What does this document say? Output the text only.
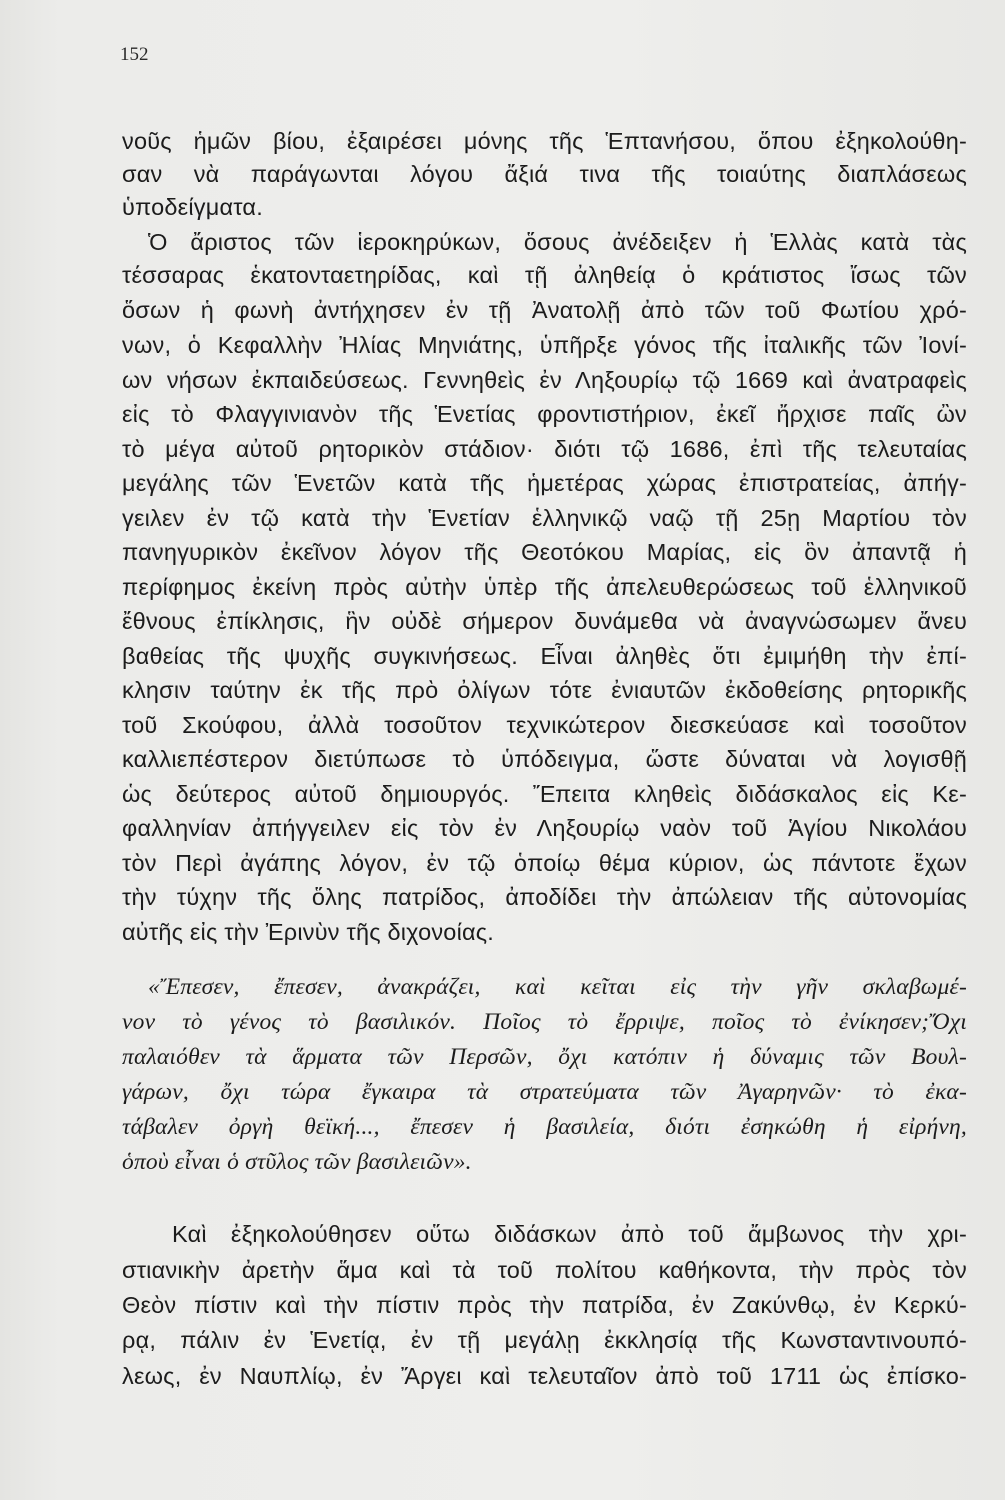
152
νοῦς ἡμῶν βίου, ἐξαιρέσει μόνης τῆς Ἑπτανήσου, ὅπου ἐξηκολούθη-
σαν νὰ παράγωνται λόγου ἄξιά τινα τῆς τοιαύτης διαπλάσεως
ὑποδείγματα.
Ὁ ἄριστος τῶν ἱεροκηρύκων, ὅσους ἀνέδειξεν ἡ Ἑλλὰς κατὰ τὰς
τέσσαρας ἑκατονταετηρίδας, καὶ τῇ ἀληθείᾳ ὁ κράτιστος ἴσως τῶν
ὅσων ἡ φωνὴ ἀντήχησεν ἐν τῇ Ἀνατολῇ ἀπὸ τῶν τοῦ Φωτίου χρό-
νων, ὁ Κεφαλλὴν Ἠλίας Μηνιάτης, ὑπῆρξε γόνος τῆς ἰταλικῆς τῶν Ἰονί-
ων νήσων ἐκπαιδεύσεως. Γεννηθεὶς ἐν Ληξουρίῳ τῷ 1669 καὶ ἀνατραφεὶς
εἰς τὸ Φλαγγινιανὸν τῆς Ἑνετίας φροντιστήριον, ἐκεῖ ἤρχισε παῖς ὢν
τὸ μέγα αὐτοῦ ρητορικὸν στάδιον· διότι τῷ 1686, ἐπὶ τῆς τελευταίας
μεγάλης τῶν Ἑνετῶν κατὰ τῆς ἡμετέρας χώρας ἐπιστρατείας, ἀπήγ-
γειλεν ἐν τῷ κατὰ τὴν Ἑνετίαν ἑλληνικῷ ναῷ τῇ 25ῃ Μαρτίου τὸν
πανηγυρικὸν ἐκεῖνον λόγον τῆς Θεοτόκου Μαρίας, εἰς ὃν ἀπαντᾷ ἡ
περίφημος ἐκείνη πρὸς αὐτὴν ὑπὲρ τῆς ἀπελευθερώσεως τοῦ ἑλληνικοῦ
ἔθνους ἐπίκλησις, ἣν οὐδὲ σήμερον δυνάμεθα νὰ ἀναγνώσωμεν ἄνευ
βαθείας τῆς ψυχῆς συγκινήσεως. Εἶναι ἀληθὲς ὅτι ἐμιμήθη τὴν ἐπί-
κλησιν ταύτην ἐκ τῆς πρὸ ὀλίγων τότε ἐνιαυτῶν ἐκδοθείσης ρητορικῆς
τοῦ Σκούφου, ἀλλὰ τοσοῦτον τεχνικώτερον διεσκεύασε καὶ τοσοῦτον
καλλιεπέστερον διετύπωσε τὸ ὑπόδειγμα, ὥστε δύναται νὰ λογισθῇ
ὡς δεύτερος αὐτοῦ δημιουργός. Ἔπειτα κληθεὶς διδάσκαλος εἰς Κε-
φαλληνίαν ἀπήγγειλεν εἰς τὸν ἐν Ληξουρίῳ ναὸν τοῦ Ἁγίου Νικολάου
τὸν Περὶ ἀγάπης λόγον, ἐν τῷ ὁποίῳ θέμα κύριον, ὡς πάντοτε ἔχων
τὴν τύχην τῆς ὅλης πατρίδος, ἀποδίδει τὴν ἀπώλειαν τῆς αὐτονομίας
αὐτῆς εἰς τὴν Ἐρινὺν τῆς διχονοίας.
«Ἔπεσεν, ἔπεσεν, ἀνακράζει, καὶ κεῖται εἰς τὴν γῆν σκλαβωμέ-
νον τὸ γένος τὸ βασιλικόν. Ποῖος τὸ ἔρριψε, ποῖος τὸ ἐνίκησεν;Ὄχι
παλαιόθεν τὰ ἅρματα τῶν Περσῶν, ὄχι κατόπιν ἡ δύναμις τῶν Βουλ-
γάρων, ὄχι τώρα ἔγκαιρα τὰ στρατεύματα τῶν Ἀγαρηνῶν· τὸ ἐκα-
τάβαλεν ὀργὴ θεϊκή..., ἔπεσεν ἡ βασιλεία, διότι ἐσηκώθη ἡ εἰρήνη,
ὁποὺ εἶναι ὁ στῦλος τῶν βασιλειῶν».
Καὶ ἐξηκολούθησεν οὕτω διδάσκων ἀπὸ τοῦ ἄμβωνος τὴν χρι-
στιανικὴν ἀρετὴν ἅμα καὶ τὰ τοῦ πολίτου καθήκοντα, τὴν πρὸς τὸν
Θεὸν πίστιν καὶ τὴν πίστιν πρὸς τὴν πατρίδα, ἐν Ζακύνθῳ, ἐν Κερκύ-
ρᾳ, πάλιν ἐν Ἑνετίᾳ, ἐν τῇ μεγάλῃ ἐκκλησίᾳ τῆς Κωνσταντινουπό-
λεως, ἐν Ναυπλίῳ, ἐν Ἄργει καὶ τελευταῖον ἀπὸ τοῦ 1711 ὡς ἐπίσκο-
